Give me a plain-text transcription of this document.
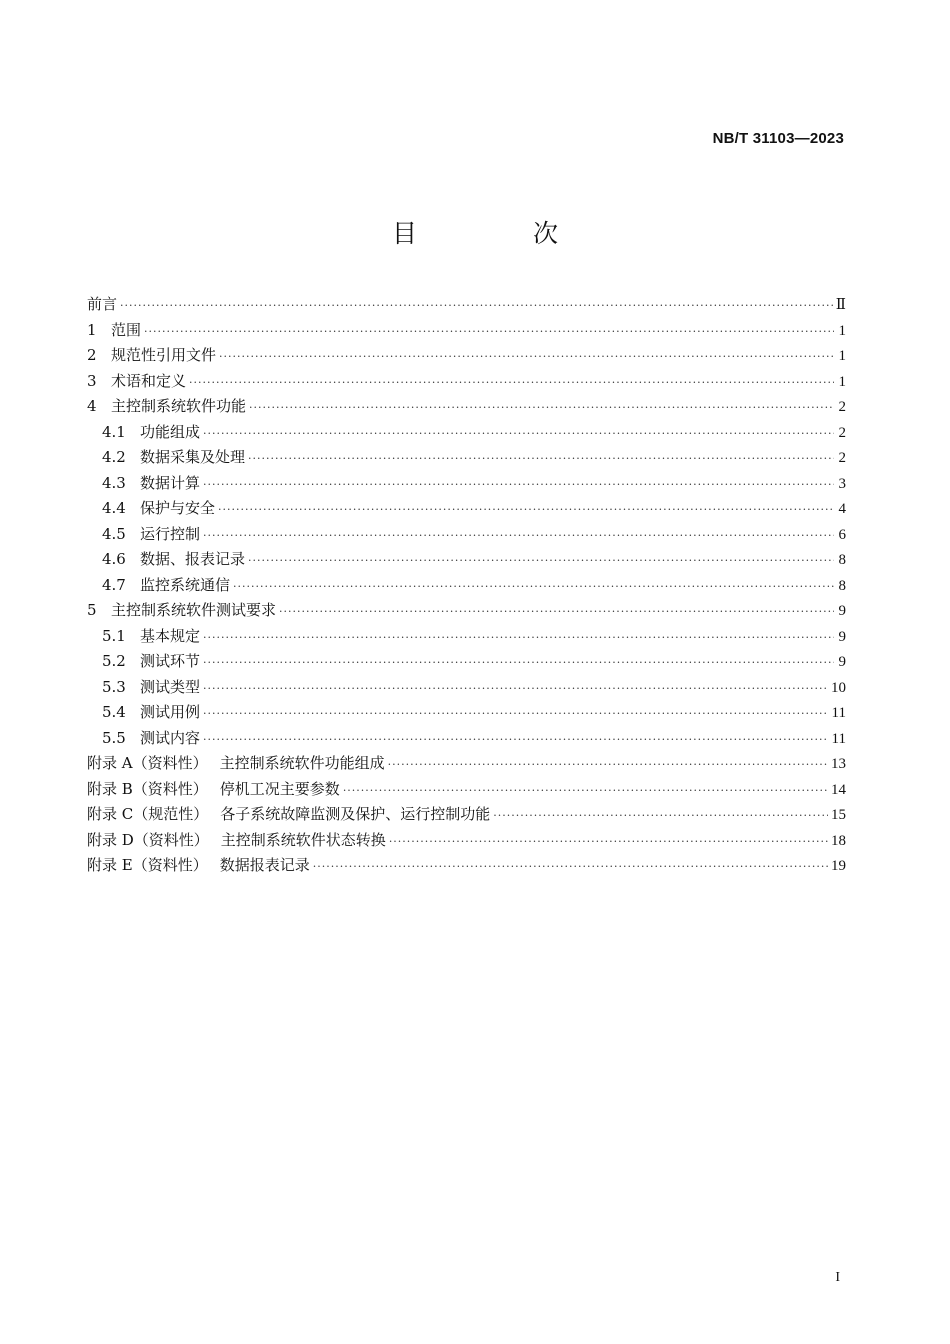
NB/T 31103—2023
目 次
前言 ·····	Ⅱ
1 范围 ·····	1
2 规范性引用文件 ·····	1
3 术语和定义 ·····	1
4 主控制系统软件功能 ·····	2
4.1 功能组成 ·····	2
4.2 数据采集及处理 ·····	2
4.3 数据计算 ·····	3
4.4 保护与安全 ·····	4
4.5 运行控制 ·····	6
4.6 数据、报表记录 ·····	8
4.7 监控系统通信 ·····	8
5 主控制系统软件测试要求 ·····	9
5.1 基本规定 ·····	9
5.2 测试环节 ·····	9
5.3 测试类型 ·····	10
5.4 测试用例 ·····	11
5.5 测试内容 ·····	11
附录 A（资料性） 主控制系统软件功能组成 ·····	13
附录 B（资料性） 停机工况主要参数 ·····	14
附录 C（规范性） 各子系统故障监测及保护、运行控制功能 ·····	15
附录 D（资料性） 主控制系统软件状态转换 ·····	18
附录 E（资料性） 数据报表记录 ·····	19
I
